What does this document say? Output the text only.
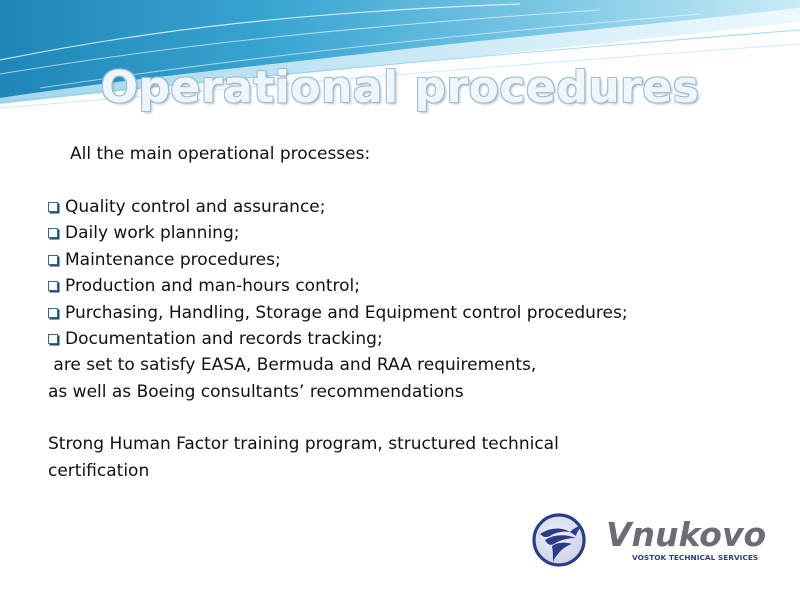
Operational procedures
All the main operational processes:
Quality control and assurance;
Daily work planning;
Maintenance procedures;
Production and man-hours control;
Purchasing, Handling, Storage and Equipment control procedures;
Documentation and records tracking;
are set to satisfy EASA, Bermuda and RAA requirements,
as well as Boeing consultants’ recommendations
Strong Human Factor training program, structured technical
certification
Vnukovo
VOSTOK TECHNICAL SERVICES
